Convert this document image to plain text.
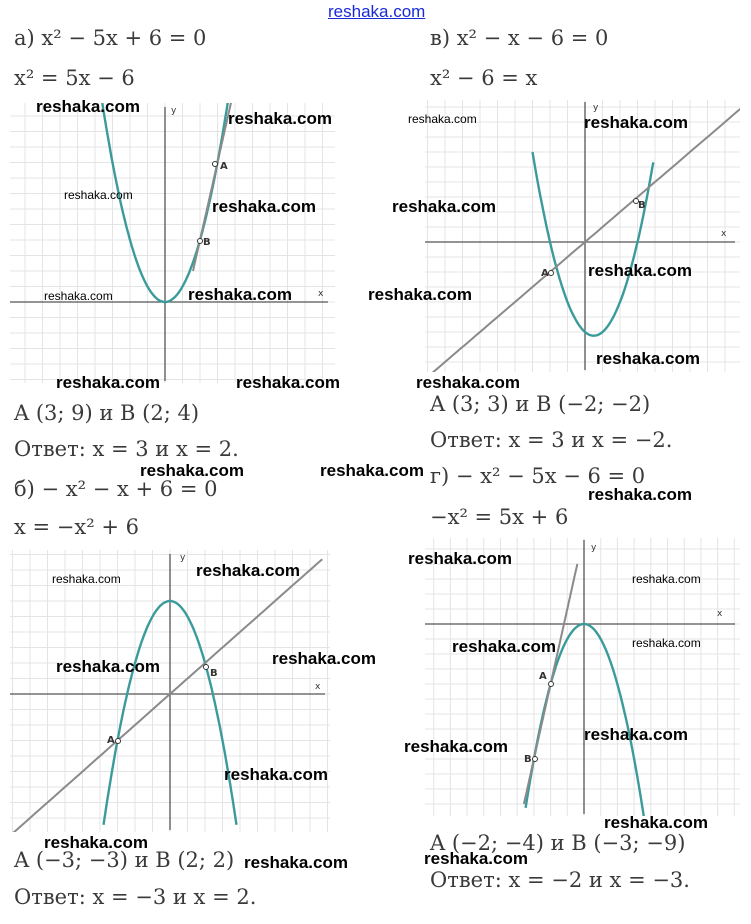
reshaka.com
а) x² − 5x + 6 = 0
x² = 5x − 6
x
y
A
B
A (3; 9) и B (2; 4)
Ответ: x = 3 и x = 2.
б) − x² − x + 6 = 0
x = −x² + 6
x
y
A
B
A (−3; −3) и B (2; 2)
Ответ: x = −3 и x = 2.
в) x² − x − 6 = 0
x² − 6 = x
x
y
A
B
A (3; 3) и B (−2; −2)
Ответ: x = 3 и x = −2.
г) − x² − 5x − 6 = 0
−x² = 5x + 6
x
y
A
B
A (−2; −4) и B (−3; −9)
Ответ: x = −2 и x = −3.
reshaka.com
reshaka.com
reshaka.com
reshaka.com
reshaka.com	reshaka.com
reshaka.com	reshaka.com
reshaka.com	reshaka.com
reshaka.com
reshaka.com
reshaka.com
reshaka.com
reshaka.com
reshaka.com	reshaka.com
reshaka.com
reshaka.com
reshaka.com
reshaka.com	reshaka.com
reshaka.com
reshaka.com
reshaka.com
reshaka.com
reshaka.com
reshaka.com
reshaka.com
reshaka.com
reshaka.com
reshaka.com	reshaka.com
